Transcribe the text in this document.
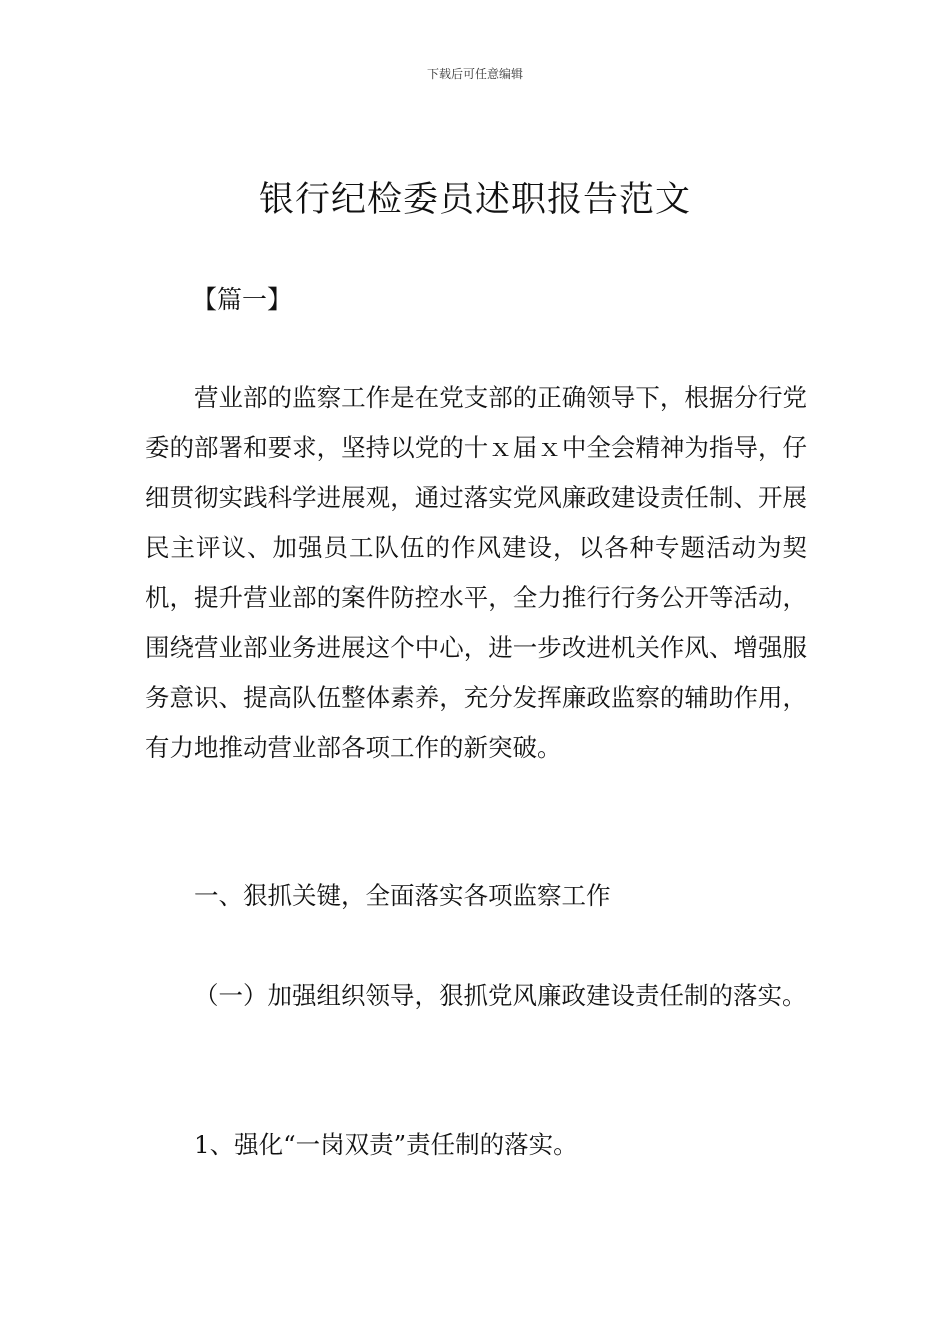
下载后可任意编辑
银行纪检委员述职报告范文
【篇一】

营业部的监察工作是在党支部的正确领导下，根据分行党委的部署和要求，坚持以党的十ｘ届ｘ中全会精神为指导，仔细贯彻实践科学进展观，通过落实党风廉政建设责任制、开展民主评议、加强员工队伍的作风建设，以各种专题活动为契机，提升营业部的案件防控水平，全力推行行务公开等活动，围绕营业部业务进展这个中心，进一步改进机关作风、增强服务意识、提高队伍整体素养，充分发挥廉政监察的辅助作用，有力地推动营业部各项工作的新突破。

一、狠抓关键，全面落实各项监察工作

（一）加强组织领导，狠抓党风廉政建设责任制的落实。

1、强化“一岗双责”责任制的落实。
